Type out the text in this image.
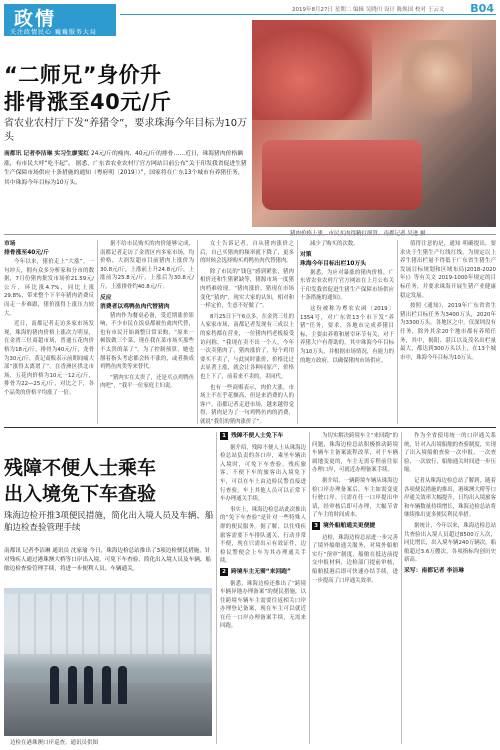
政情
关注政情民心 巍巍服务大局
2019年8月27日 星期二 编辑 吴晓川 设计 陈焕国 校对 王云文 B04
“二师兄”身价升
排骨涨至40元/斤
省农业农村厅下发“养猪令”，要求珠海今年目标为10万头
南都讯 记者李洁琳 实习生廖雯红 24元/斤的瘦肉、40元/斤的排骨……近日，珠海猪肉价格飙涨，有市民大呼“吃不起”。 据悉，广东省农业农村厅官方网站目前公布“关于印发我省促进生猪生产保障市场供应十条措施的通知（粤府明〔2019〕）”，国家将在广东13个城市有养猪任务，其中珠海今年目标为10万头。
市场
排骨涨至40元/斤

今年以来，猪价走上“大涨”。一句冲天，拥有众多分析家和分市的数据，7月份猪肉批发市场价21.59元/公斤，环比涨4.7%，同比上涨29.8%，带来整个下半年猪肉消费反而走一步难跟，猪价涨得上涨压力较大。

近日，南都记者走访多家市场发现，珠海的猪肉价格上涨次力明显，在金湾三灶商超市场，普通五花肉价格为18元/斤，排骨为40元/斤，龙骨为30元/斤，黄记商贩表示前期间痛大部“涨得太离谱了”。在香洲区拱北市场，五花肉价格为10元一12元/斤，排骨为22—25元/斤，对比之下，各个品类的价格平均涨了一倍。

据不给市民购买的肉价能够完成，南都记者走访了金湾区内多家市场，均价格，大润发超市目前猪肉上涨价为30.8元/斤，上涨前上升24.8元/斤，上涨前为25.8元/斤，上涨后为30.8元/斤，上涨排骨约40.8元/斤。

反应
消费者以鸡鸭鱼肉代替猪肉

猪肉作为餐桌必备，受近期涨价影响，不少市民在饭桌都被鱼禽肉代替，也有市民开始调整日常采购，“原来一顿饭做三个菜，现在我在菜市场买那些不太贵的菜了”。为了控制预算，她也掰着指头考虑都会转不涨的，或者换成鸡鸭鱼肉类等来替代。

“猪肉实在太贵了，还是买点鸡鸭鱼肉吧”，“我平一位家庭主妇说。

女士告诉记者，自从猪肉涨价之后，自己买猪肉的频率就下降了，更多的时候会选择购买鸡鸭鱼肉代替猪肉。

除了市民的“钱包”感到紧张，猪肉相价还和生猪紧缺等，猪源市场一度猪肉档难收现。“猪肉涨价，猪现在市场变化“猜肉”，现实大家的认知，相对和一样定价，生意不好做了”。

8月25日下午6点多，在金湾三灶的人家家市场，南都记者发现有三成以上的家档都在营业，一位猪肉档老板接受访问称，“我现在卖不出一个人，今年一次卖猪肉了，猪肉涨价了，每个鸡用要买不卖了，与此同时涨价，价格比过去显著上涨，就会让各种同原产，价格也上下了，前着来不卖的，卖同代。

也有一些商贩表示，肉价大涨，市场上不在乎花额高，但是来消费的人的客户，南都记者走进市场，越来越得觉得，猪肉是为了一句鸡鸭鱼肉的消费，就说“我们的猪肉涨价了”。

减少了购买的次数。

对策
珠海今年目标出栏10万头

据悉，为应对暴涨的猪肉价格，广东省农业农村厅官方网站在上月公布关于印发我省促进生猪生产保障市场供应十条措施的通知》。

这份被称为粤农农函〔2019〕1354号，对广东省13个市下发“养猪”任务，要求，各地市完成养猪目标，主要由养殖和屠宰环节有关，对于养猪大户有帮助的，其中珠海今年目标为10万头，并根据市场情况，有能力的的地方政府，以确保猪肉市场供应。

值得注意的是，通知 明确提出，要求央于生猪生产红线红线，为规定以上养生猪出栏量不得低于广东省生猪生产发展目标规划和区域布局(2018-2020年)》等有关文 2019-1000年规定的目标任务，并要求珠海开展生猪产业健康稳定发展。

按照《通知》，2019年广东省省生猪出栏目标任务为3400万头，2020年为3300万头。各地区之中，仅深圳没有任务，除外其余20个地市都有养殖任务，其中，揭阳、湛江以及茂名出栏量最大，都达到300万头以上，在13个城市中，珠海今年目标为10万头。

残障不便人士乘车
出入境免下车查验
珠海边检开推3项便民措施，简化出入境人员及车辆、船舶边检查验管理手续
南都讯 记者李洁琳 通讯员 沈家瑜 今日，珠海边检总站推出了3项边检便民措施，针对残疾人通过港珠澳大桥等口岸出入境，可免下车查验，简化出入境人员及车辆、船舶边检查验管理手续，将进一步便利人员、车辆通关。
边检在港珠澳口岸巡查。通讯员供图
1 残障不便人士免下车

据介绍，残障不便人士从珠海边检总站负责的各口岸，乘坐车辆出入境时，可免下车查验。残疾旅客、不便下车的旅客出入境免下车，可以在车上由边检民警直接进行查验，车上其他人员可以正常下车办理通关手续。

事实上，珠海边检总站此次推出的“免下车查验”是针对一些特殊人群的便民服务。据了解，以往残疾旅客需要下车排队通关，行动非常不便，现在只需出示有效证件，边检民警便会上车为其办理通关手续。

2 跨境车主无需“来回跑”

据悉，珠海边检还推出了“跨境车辆异地办理备案”的便民措施，以往跨境车辆车主需要往返相关口岸办理登记备案，现在车主可以就近在任一口岸办理备案手续，无需来回跑。

为切实解决跨境车主“来回跑”的问题，珠海边检总站积极推动跨境车辆车主备案流程改革，对于车辆属地变更的，车主无需专程前往原办理口岸，可就近办理备案手续。

据介绍，一辆跨境车辆从珠海边检口岸办理备案后，车主如需变更行驶口岸，只需在任一口岸提出申请，经审核后即可办理，大幅节省了车主的时间成本。

3 境外船舶通关更便捷

边检，珠海边检总站进一步完善了境外船舶通关服务，对境外船舶实行“预审”制度，船舶在抵达前提交申报材料，边检部门提前审核，船舶抵港后即可快速办结手续，进一步提高了口岸通关效率。

作为全省使用统一的口岸通关系统，针对入出境船舶的查验制度，实现了出入境船舶查验一次申报、一次查验、一次放行，船舶通关时间进一步压缩。

记者从珠海边检总站了解到，随着各项便民措施的推出，港珠澳大桥等口岸通关效率大幅提升，日均出入境旅客和车辆数量持续增长，珠海边检总站将继续推出更多便民利民举措。

据统计，今年以来，珠海边检总站共查验出入境人员超过8500万人次，同比增长，出入境车辆240万辆次，船舶超过3.6万艘次，各项指标均创历史新高。

采写：南都记者 李洁琳
